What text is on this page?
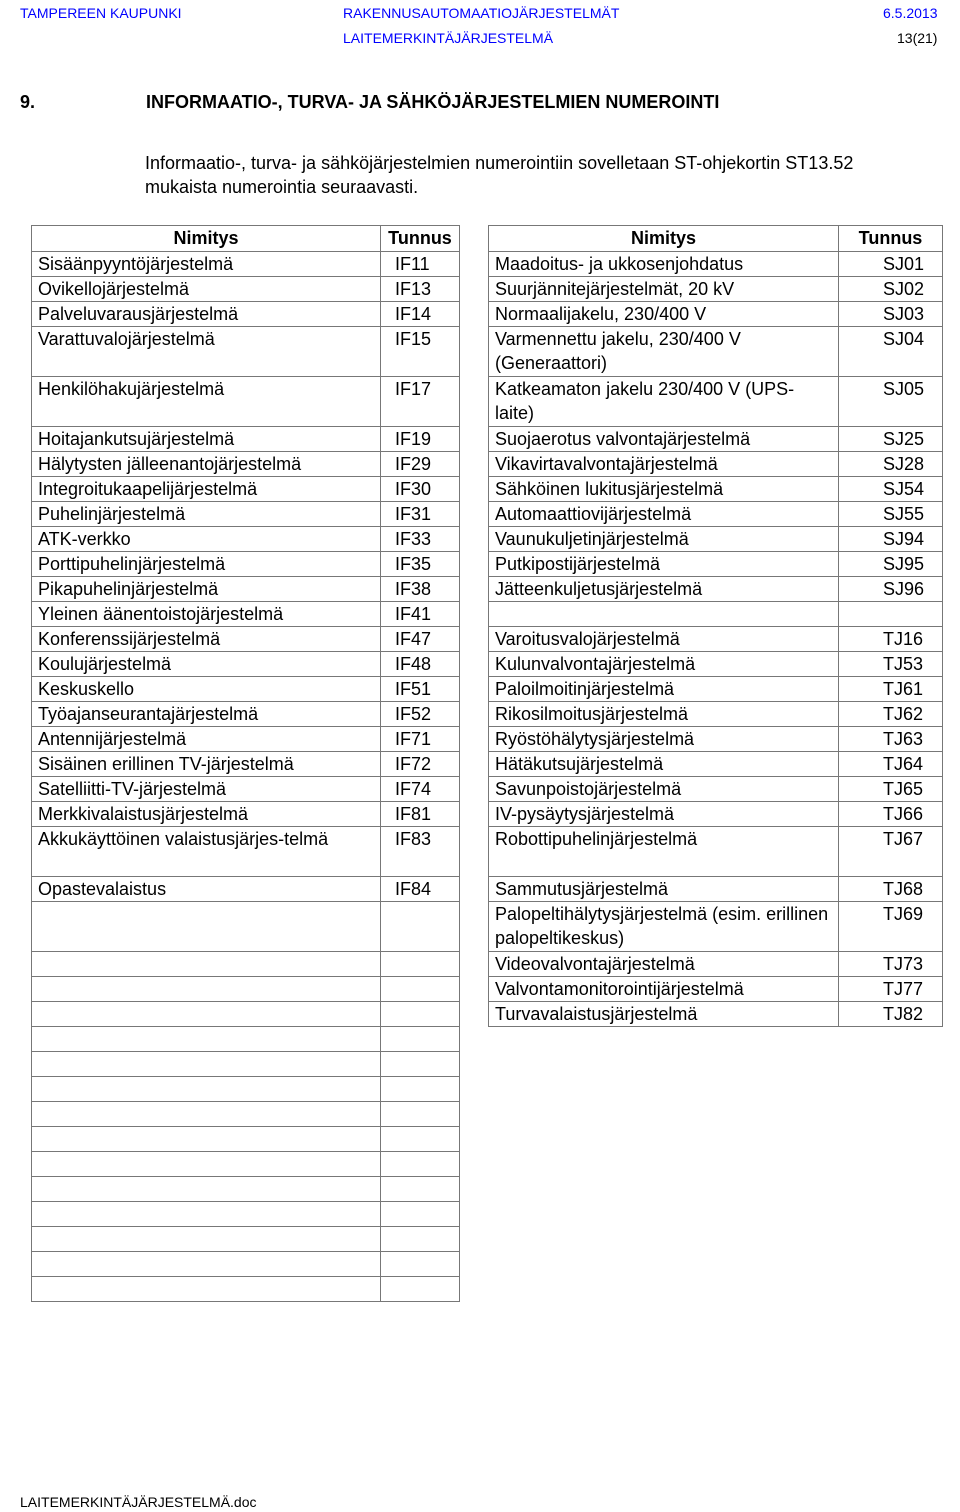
TAMPEREEN KAUPUNKI	RAKENNUSAUTOMAATIOJÄRJESTELMÄT	6.5.2013
LAITEMERKINTÄJÄRJESTELMÄ	13(21)
9.	INFORMAATIO-, TURVA- JA SÄHKÖJÄRJESTELMIEN NUMEROINTI
Informaatio-, turva- ja sähköjärjestelmien numerointiin sovelletaan ST-ohjekortin ST13.52 mukaista numerointia seuraavasti.
Nimitys	Tunnus
Sisäänpyyntöjärjestelmä	IF11
Ovikellojärjestelmä	IF13
Palveluvarausjärjestelmä	IF14
Varattuvalojärjestelmä	IF15
Henkilöhakujärjestelmä	IF17
Hoitajankutsujärjestelmä	IF19
Hälytysten jälleenantojärjestelmä	IF29
Integroitukaapelijärjestelmä	IF30
Puhelinjärjestelmä	IF31
ATK-verkko	IF33
Porttipuhelinjärjestelmä	IF35
Pikapuhelinjärjestelmä	IF38
Yleinen äänentoistojärjestelmä	IF41
Konferenssijärjestelmä	IF47
Koulujärjestelmä	IF48
Keskuskello	IF51
Työajanseurantajärjestelmä	IF52
Antennijärjestelmä	IF71
Sisäinen erillinen TV-järjestelmä	IF72
Satelliitti-TV-järjestelmä	IF74
Merkkivalaistusjärjestelmä	IF81
Akkukäyttöinen valaistusjärjes-telmä	IF83
Opastevalaistus	IF84

Nimitys	Tunnus
Maadoitus- ja ukkosenjohdatus	SJ01
Suurjännitejärjestelmät, 20 kV	SJ02
Normaalijakelu, 230/400 V	SJ03
Varmennettu jakelu, 230/400 V (Generaattori)	SJ04
Katkeamaton jakelu 230/400 V (UPS-laite)	SJ05
Suojaerotus valvontajärjestelmä	SJ25
Vikavirtavalvontajärjestelmä	SJ28
Sähköinen lukitusjärjestelmä	SJ54
Automaattiovijärjestelmä	SJ55
Vaunukuljetinjärjestelmä	SJ94
Putkipostijärjestelmä	SJ95
Jätteenkuljetusjärjestelmä	SJ96

Varoitusvalojärjestelmä	TJ16
Kulunvalvontajärjestelmä	TJ53
Paloilmoitinjärjestelmä	TJ61
Rikosilmoitusjärjestelmä	TJ62
Ryöstöhälytysjärjestelmä	TJ63
Hätäkutsujärjestelmä	TJ64
Savunpoistojärjestelmä	TJ65
IV-pysäytysjärjestelmä	TJ66
Robottipuhelinjärjestelmä	TJ67
Sammutusjärjestelmä	TJ68
Palopeltihälytysjärjestelmä (esim. erillinen palopeltikeskus)	TJ69
Videovalvontajärjestelmä	TJ73
Valvontamonitorointijärjestelmä	TJ77
Turvavalaistusjärjestelmä	TJ82
LAITEMERKINTÄJÄRJESTELMÄ.doc
